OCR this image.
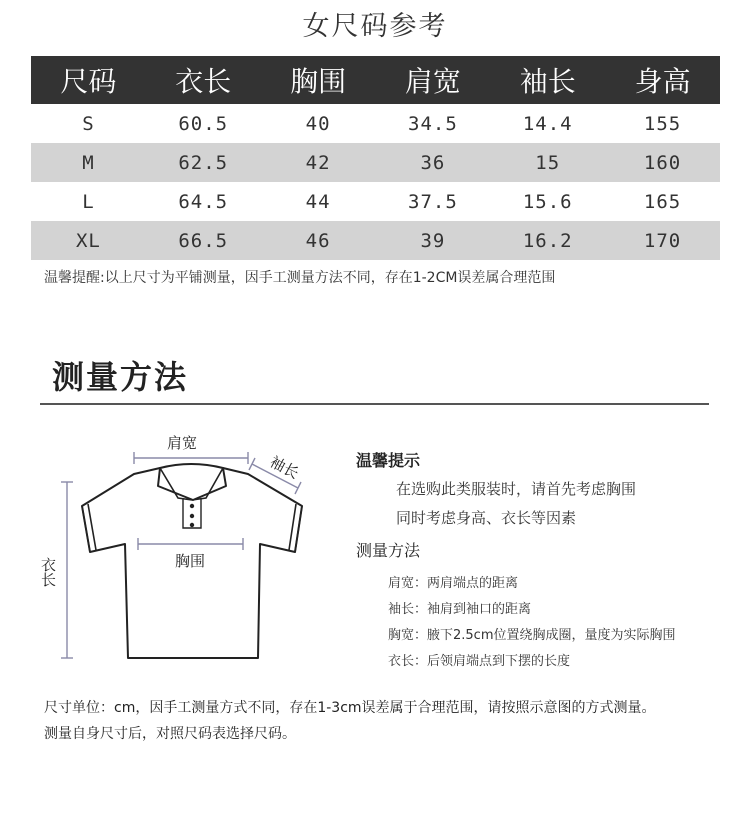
女尺码参考
尺码	衣长	胸围	肩宽	袖长	身高
S	60.5	40	34.5	14.4	155
M	62.5	42	36	15	160
L	64.5	44	37.5	15.6	165
XL	66.5	46	39	16.2	170
温馨提醒:以上尺寸为平铺测量，因手工测量方法不同，存在1-2CM误差属合理范围
测量方法
肩宽
袖长
胸围
衣长
温馨提示
在选购此类服装时，请首先考虑胸围
同时考虑身高、衣长等因素
测量方法
肩宽：两肩端点的距离
袖长：袖肩到袖口的距离
胸宽：腋下2.5cm位置绕胸成圈，量度为实际胸围
衣长：后领肩端点到下摆的长度
尺寸单位：cm，因手工测量方式不同，存在1-3cm误差属于合理范围，请按照示意图的方式测量。
测量自身尺寸后，对照尺码表选择尺码。
